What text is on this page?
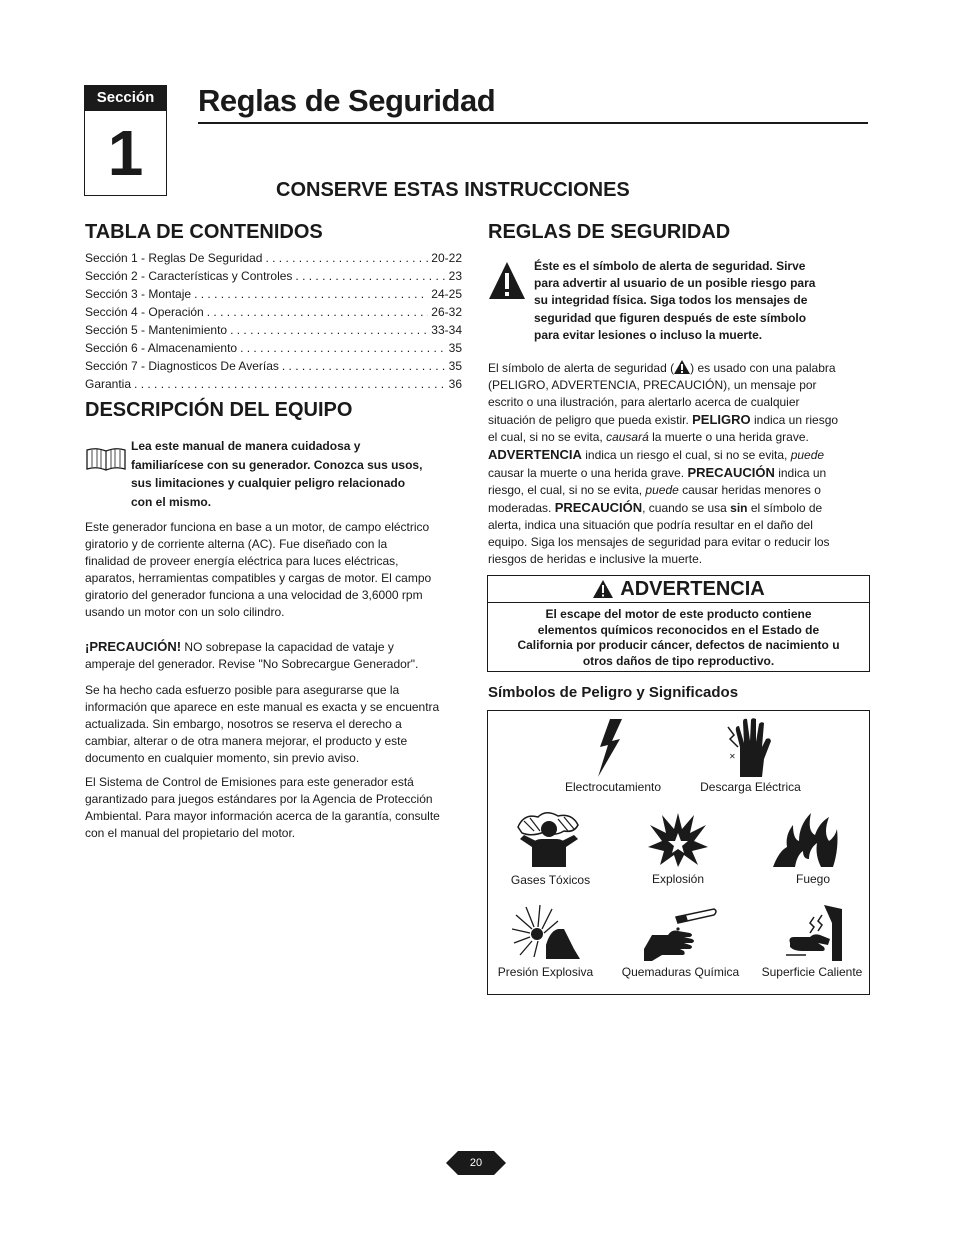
Sección
1
Reglas de Seguridad
CONSERVE ESTAS INSTRUCCIONES
TABLA DE CONTENIDOS
Sección 1 - Reglas De Seguridad . . .	20-22
Sección 2 - Características y Controles . . .	23
Sección 3 - Montaje . . .	24-25
Sección 4 - Operación . . .	26-32
Sección 5 - Mantenimiento . . .	33-34
Sección 6 - Almacenamiento . . .	35
Sección 7 - Diagnosticos De Averías . . .	35
Garantia . . .	36
DESCRIPCIÓN DEL EQUIPO
Lea este manual de manera cuidadosa y
familiarícese con su generador. Conozca sus usos,
sus limitaciones y cualquier peligro relacionado
con el mismo.
Este generador funciona en base a un motor, de campo eléctrico
giratorio y de corriente alterna (AC). Fue diseñado con la
finalidad de proveer energía eléctrica para luces eléctricas,
aparatos, herramientas compatibles y cargas de motor. El campo
giratorio del generador funciona a una velocidad de 3,6000 rpm
usando un motor con un solo cilindro.
¡PRECAUCIÓN! NO sobrepase la capacidad de vataje y
amperaje del generador. Revise "No Sobrecargue Generador".
Se ha hecho cada esfuerzo posible para asegurarse que la
información que aparece en este manual es exacta y se encuentra
actualizada. Sin embargo, nosotros se reserva el derecho a
cambiar, alterar o de otra manera mejorar, el producto y este
documento en cualquier momento, sin previo aviso.
El Sistema de Control de Emisiones para este generador está
garantizado para juegos estándares por la Agencia de Protección
Ambiental. Para mayor información acerca de la garantía, consulte
con el manual del propietario del motor.
REGLAS DE SEGURIDAD
Éste es el símbolo de alerta de seguridad. Sirve
para advertir al usuario de un posible riesgo para
su integridad física. Siga todos los mensajes de
seguridad que figuren después de este símbolo
para evitar lesiones o incluso la muerte.
El símbolo de alerta de seguridad ( ) es usado con una palabra
(PELIGRO, ADVERTENCIA, PRECAUCIÓN), un mensaje por
escrito o una ilustración, para alertarlo acerca de cualquier
situación de peligro que pueda existir. PELIGRO indica un riesgo
el cual, si no se evita, causará la muerte o una herida grave.
ADVERTENCIA indica un riesgo el cual, si no se evita, puede
causar la muerte o una herida grave. PRECAUCIÓN indica un
riesgo, el cual, si no se evita, puede causar heridas menores o
moderadas. PRECAUCIÓN, cuando se usa sin el símbolo de
alerta, indica una situación que podría resultar en el daño del
equipo. Siga los mensajes de seguridad para evitar o reducir los
riesgos de heridas e inclusive la muerte.
ADVERTENCIA
El escape del motor de este producto contiene
elementos químicos reconocidos en el Estado de
California por producir cáncer, defectos de nacimiento u
otros daños de tipo reproductivo.
Símbolos de Peligro y Significados
Electrocutamiento
✕
Descarga Eléctrica
Gases Tóxicos	Explosión	Fuego
Presión Explosiva	Quemaduras Química	Superficie Caliente
20
